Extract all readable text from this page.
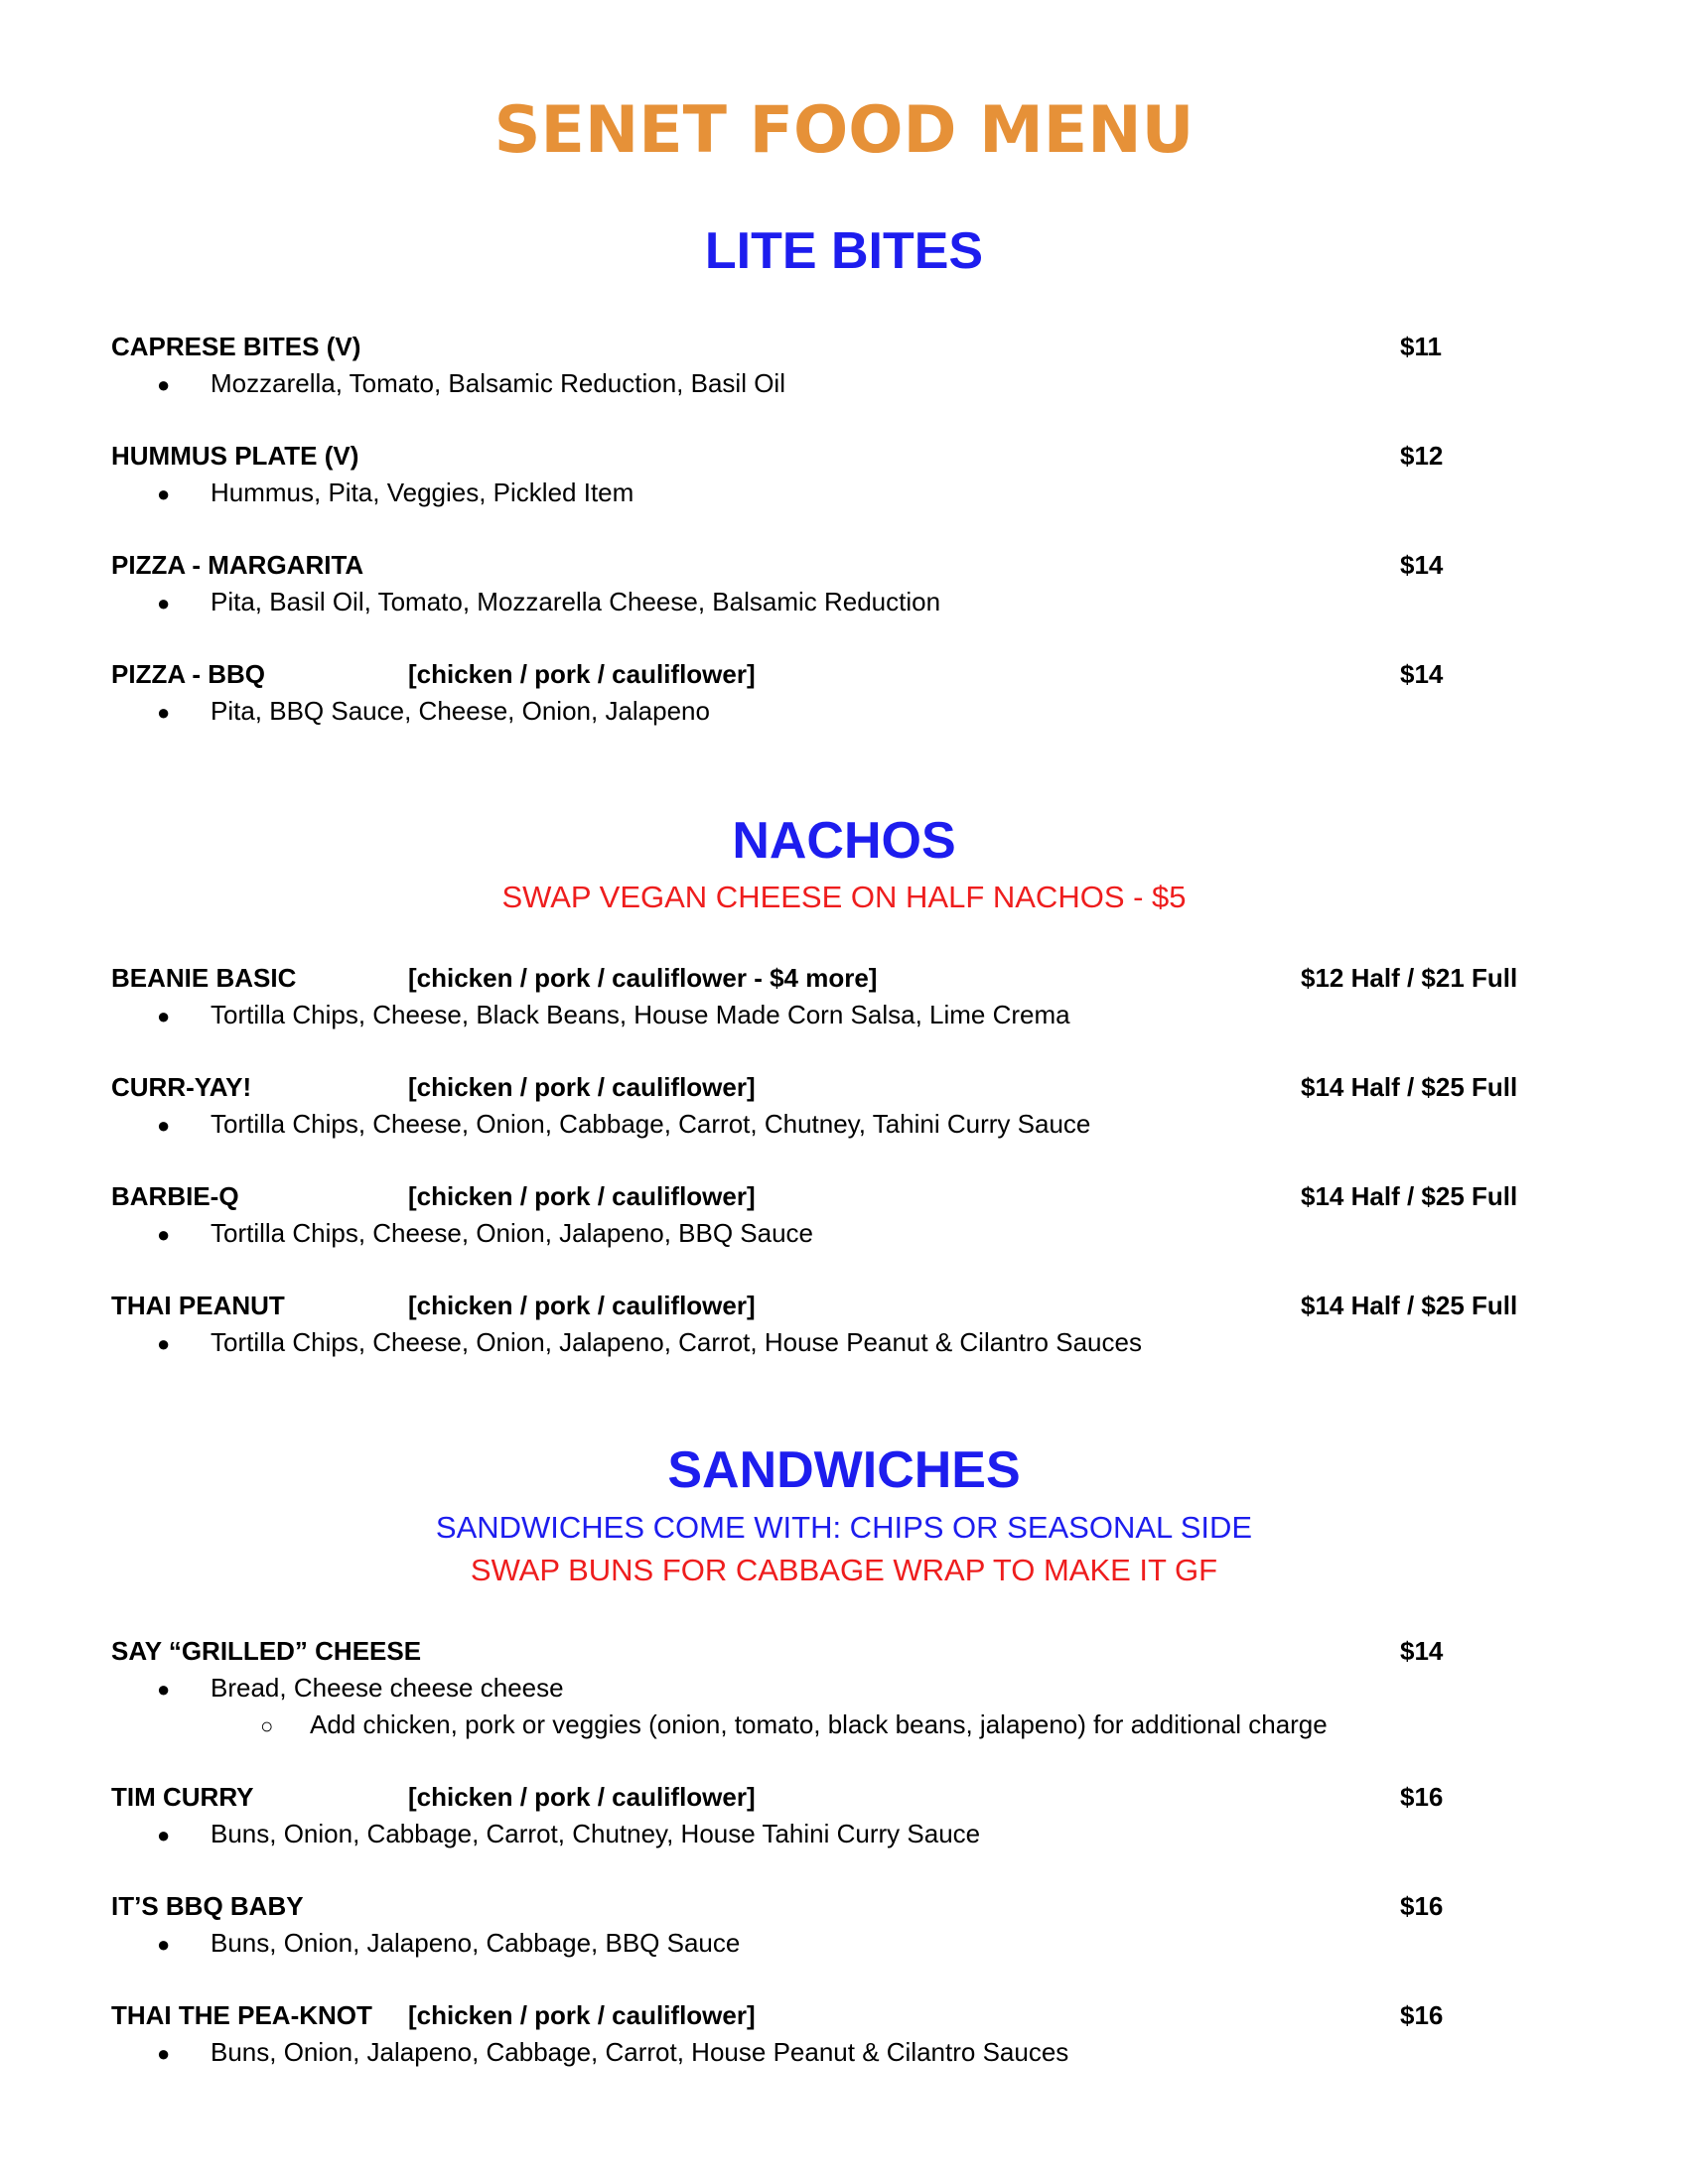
SENET FOOD MENU
LITE BITES
CAPRESE BITES (V)	$11
● Mozzarella, Tomato, Balsamic Reduction, Basil Oil
HUMMUS PLATE (V)	$12
● Hummus, Pita, Veggies, Pickled Item
PIZZA - MARGARITA	$14
● Pita, Basil Oil, Tomato, Mozzarella Cheese, Balsamic Reduction
PIZZA - BBQ	[chicken / pork / cauliflower]	$14
● Pita, BBQ Sauce, Cheese, Onion, Jalapeno
NACHOS

SWAP VEGAN CHEESE ON HALF NACHOS - $5

BEANIE BASIC	[chicken / pork / cauliflower - $4 more]	$12 Half / $21 Full
● Tortilla Chips, Cheese, Black Beans, House Made Corn Salsa, Lime Crema
CURR-YAY!	[chicken / pork / cauliflower]	$14 Half / $25 Full
● Tortilla Chips, Cheese, Onion, Cabbage, Carrot, Chutney, Tahini Curry Sauce
BARBIE-Q	[chicken / pork / cauliflower]	$14 Half / $25 Full
● Tortilla Chips, Cheese, Onion, Jalapeno, BBQ Sauce
THAI PEANUT	[chicken / pork / cauliflower]	$14 Half / $25 Full
● Tortilla Chips, Cheese, Onion, Jalapeno, Carrot, House Peanut & Cilantro Sauces
SANDWICHES

SANDWICHES COME WITH: CHIPS OR SEASONAL SIDE

SWAP BUNS FOR CABBAGE WRAP TO MAKE IT GF

SAY “GRILLED” CHEESE	$14
● Bread, Cheese cheese cheese
○ Add chicken, pork or veggies (onion, tomato, black beans, jalapeno) for additional charge
TIM CURRY	[chicken / pork / cauliflower]	$16
● Buns, Onion, Cabbage, Carrot, Chutney, House Tahini Curry Sauce
IT’S BBQ BABY	$16
● Buns, Onion, Jalapeno, Cabbage, BBQ Sauce
THAI THE PEA-KNOT [chicken / pork / cauliflower]	$16
● Buns, Onion, Jalapeno, Cabbage, Carrot, House Peanut & Cilantro Sauces
